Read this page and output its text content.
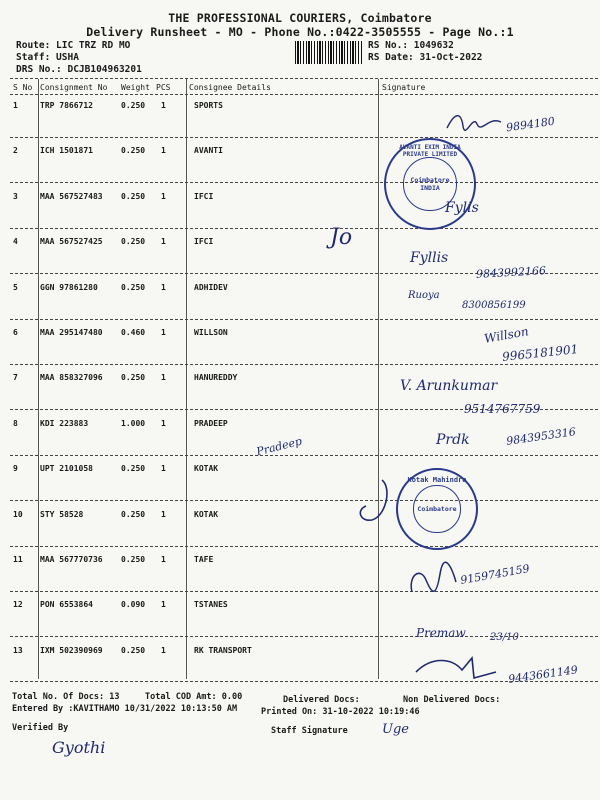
THE PROFESSIONAL COURIERS, Coimbatore
Delivery Runsheet - MO - Phone No.:0422-3505555 - Page No.:1
Route: LIC TRZ RD MO
Staff: USHA
DRS No.: DCJB104963201
RS No.: 1049632
RS Date: 31-Oct-2022
S No Consignment No Weight PCS Consignee Details	Signature
1	TRP 7866712	0.250 1	SPORTS
2	ICH 1501871	0.250 1	AVANTI
3	MAA 567527483 0.250 1	IFCI
4	MAA 567527425 0.250 1	IFCI
5	GGN 97861280	0.250 1	ADHIDEV
6	MAA 295147480 0.460 1	WILLSON
7	MAA 858327096 0.250 1	HANUREDDY
8	KDI 223883	1.000 1	PRADEEP
9	UPT 2101058	0.250 1	KOTAK
10 STY 58528	0.250 1	KOTAK
11 MAA 567770736 0.250 1	TAFE
12 PON 6553864	0.090 1	TSTANES
13 IXM 502390969 0.250 1	RK TRANSPORT
Total No. Of Docs: 13	Total COD Amt: 0.00	Delivered Docs:	Non Delivered Docs:
Entered By :KAVITHAMO 10/31/2022 10:13:50 AM	Printed On: 31-10-2022 10:19:46
Verified By	Staff Signature
9894180
AVANTI EXIM INDIA PRIVATE LIMITED
Coimbatore INDIA
Fylis
Jo
Fyllis
9843992166
Ruoya
8300856199
Willson
9965181901
V. Arunkumar
9514767759
Pradeep	Prdk	9843953316
Kotak Mahindra
Coimbatore
9159745159
Premaw 23/10
9443661149
Gyothi
Uge
